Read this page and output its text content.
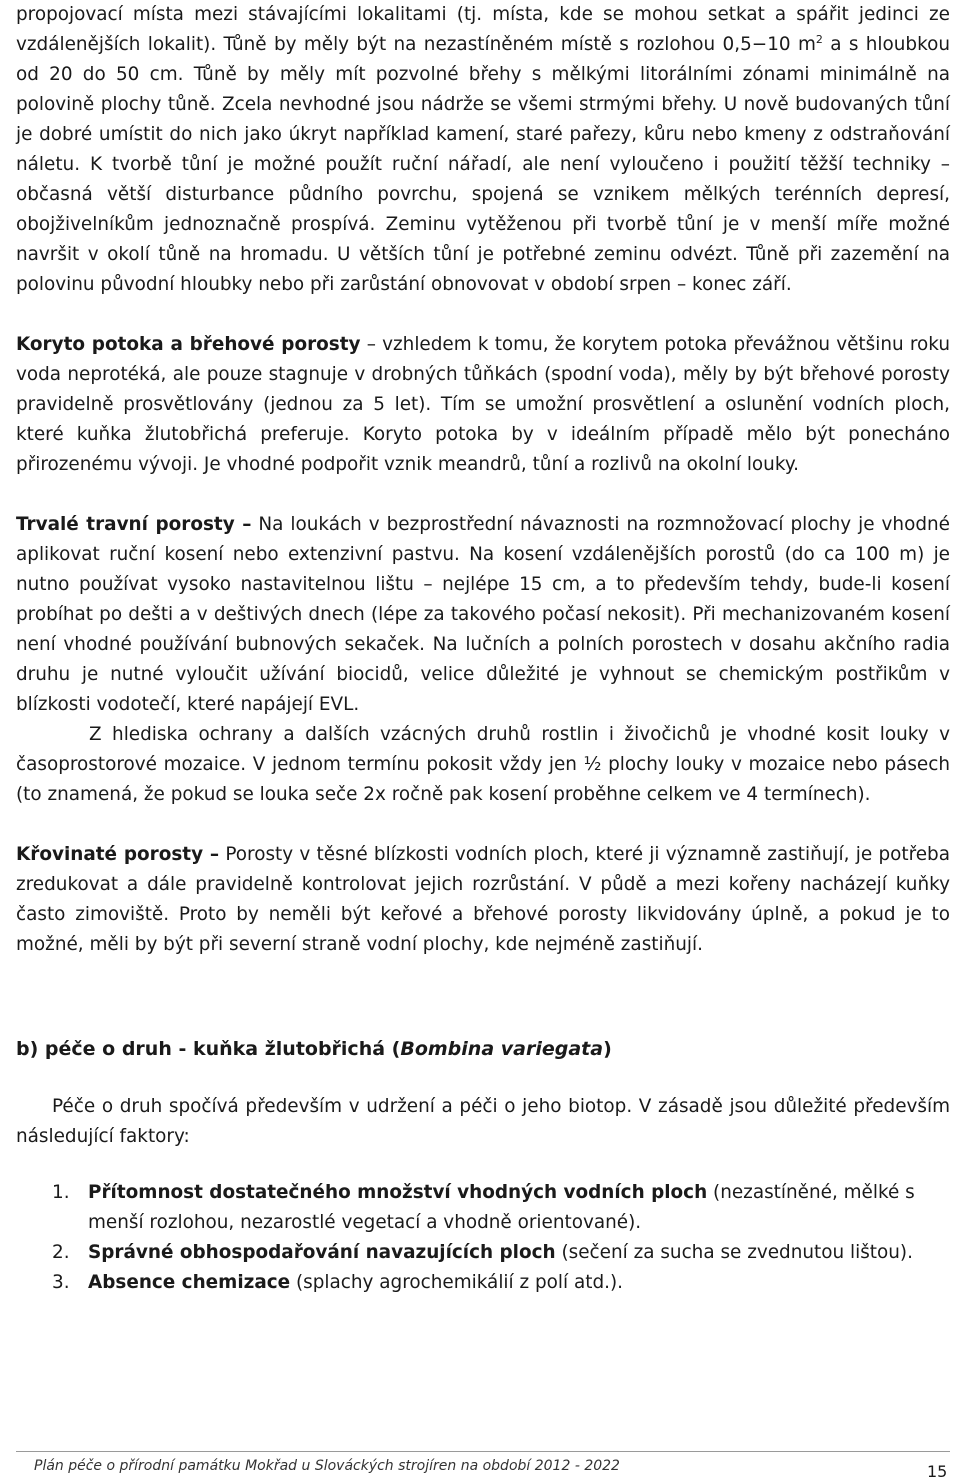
propojovací místa mezi stávajícími lokalitami (tj. místa, kde se mohou setkat a spářit jedinci ze vzdálenějších lokalit). Tůně by měly být na nezastíněném místě s rozlohou 0,5−10 $m^2$ a s hloubkou od 20 do 50 cm. Tůně by měly mít pozvolné břehy s mělkými litorálními zónami minimálně na polovině plochy tůně. Zcela nevhodné jsou nádrže se všemi strmými břehy. U nově budovaných tůní je dobré umístit do nich jako úkryt například kamení, staré pařezy, kůru nebo kmeny z odstraňování náletu. K tvorbě tůní je možné použít ruční nářadí, ale není vyloučeno i použití těžší techniky – občasná větší disturbance půdního povrchu, spojená se vznikem mělkých terénních depresí, obojživelníkům jednoznačně prospívá. Zeminu vytěženou při tvorbě tůní je v menší míře možné navršit v okolí tůně na hromadu. U větších tůní je potřebné zeminu odvézt. Tůně při zazemění na polovinu původní hloubky nebo při zarůstání obnovovat v období srpen – konec září.

Koryto potoka a břehové porosty – vzhledem k tomu, že korytem potoka převážnou většinu roku voda neprotéká, ale pouze stagnuje v drobných tůňkách (spodní voda), měly by být břehové porosty pravidelně prosvětlovány (jednou za 5 let). Tím se umožní prosvětlení a oslunění vodních ploch, které kuňka žlutobřichá preferuje. Koryto potoka by v ideálním případě mělo být ponecháno přirozenému vývoji. Je vhodné podpořit vznik meandrů, tůní a rozlivů na okolní louky.

Trvalé travní porosty – Na loukách v bezprostřední návaznosti na rozmnožovací plochy je vhodné aplikovat ruční kosení nebo extenzivní pastvu. Na kosení vzdálenějších porostů (do ca 100 m) je nutno používat vysoko nastavitelnou lištu – nejlépe 15 cm, a to především tehdy, bude-li kosení probíhat po dešti a v deštivých dnech (lépe za takového počasí nekosit). Při mechanizovaném kosení není vhodné používání bubnových sekaček. Na lučních a polních porostech v dosahu akčního radia druhu je nutné vyloučit užívání biocidů, velice důležité je vyhnout se chemickým postřikům v blízkosti vodotečí, které napájejí EVL.

Z hlediska ochrany a dalších vzácných druhů rostlin i živočichů je vhodné kosit louky v časoprostorové mozaice. V jednom termínu pokosit vždy jen ½ plochy louky v mozaice nebo pásech (to znamená, že pokud se louka seče 2x ročně pak kosení proběhne celkem ve 4 termínech).

Křovinaté porosty – Porosty v těsné blízkosti vodních ploch, které ji významně zastiňují, je potřeba zredukovat a dále pravidelně kontrolovat jejich rozrůstání. V půdě a mezi kořeny nacházejí kuňky často zimoviště. Proto by neměli být keřové a břehové porosty likvidovány úplně, a pokud je to možné, měli by být při severní straně vodní plochy, kde nejméně zastiňují.

b) péče o druh - kuňka žlutobřichá (Bombina variegata)

Péče o druh spočívá především v udržení a péči o jeho biotop. V zásadě jsou důležité především následující faktory:

1. Přítomnost dostatečného množství vhodných vodních ploch (nezastíněné, mělké s menší rozlohou, nezarostlé vegetací a vhodně orientované).
2. Správné obhospodařování navazujících ploch (sečení za sucha se zvednutou lištou).
3. Absence chemizace (splachy agrochemikálií z polí atd.).
Plán péče o přírodní památku Mokřad u Slováckých strojíren na období 2012 - 2022	15
